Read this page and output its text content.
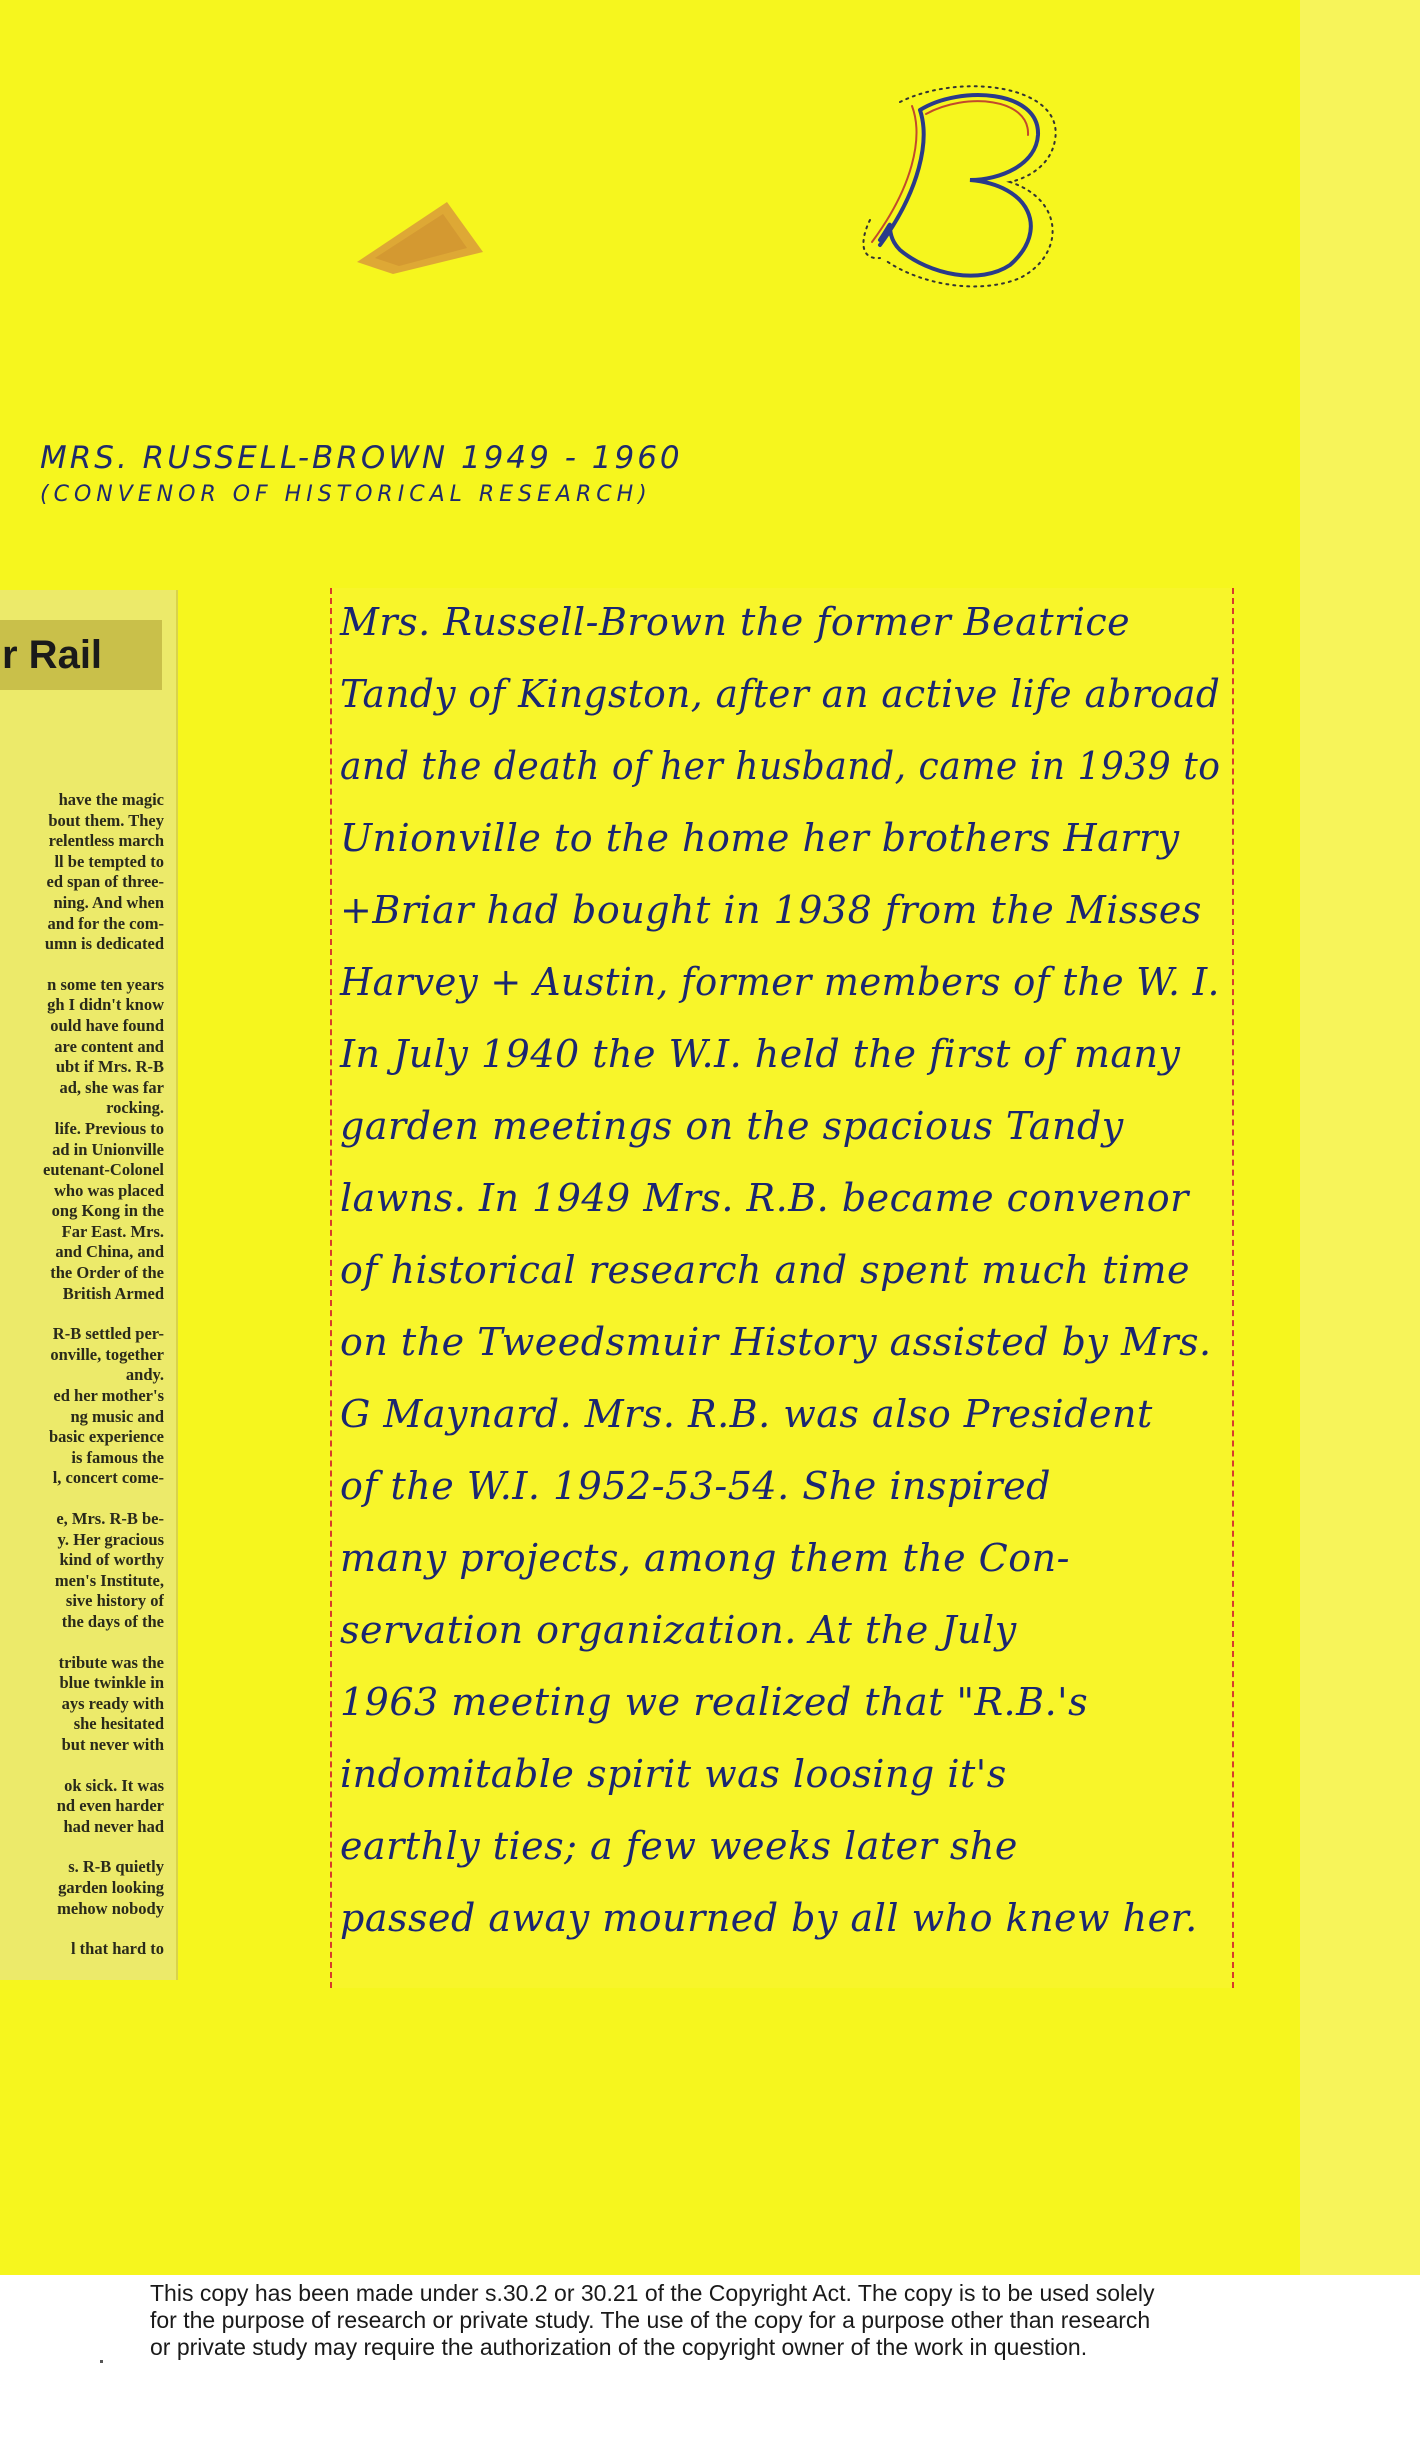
MRS. RUSSELL-BROWN 1949 - 1960
(CONVENOR OF HISTORICAL RESEARCH)
r Rail
have the magic
bout them. They
relentless march
ll be tempted to
ed span of three-
ning. And when
and for the com-
umn is dedicated
n some ten years
gh I didn't know
ould have found
are content and
ubt if Mrs. R-B
ad, she was far
rocking.
life. Previous to
ad in Unionville
eutenant-Colonel
who was placed
ong Kong in the
Far East. Mrs.
and China, and
the Order of the
British Armed
R-B settled per-
onville, together
andy.
ed her mother's
ng music and
basic experience
is famous the
l, concert come-
e, Mrs. R-B be-
y. Her gracious
kind of worthy
men's Institute,
sive history of
the days of the
tribute was the
blue twinkle in
ays ready with
she hesitated
but never with
ok sick. It was
nd even harder
had never had
s. R-B quietly
garden looking
mehow nobody
l that hard to
Mrs. Russell-Brown the former Beatrice
Tandy of Kingston, after an active life abroad
and the death of her husband, came in 1939 to
Unionville to the home her brothers Harry
+Briar had bought in 1938 from the Misses
Harvey + Austin, former members of the W. I.
In July 1940 the W.I. held the first of many
garden meetings on the spacious Tandy
lawns. In 1949 Mrs. R.B. became convenor
of historical research and spent much time
on the Tweedsmuir History assisted by Mrs.
G Maynard. Mrs. R.B. was also President
of the W.I. 1952-53-54. She inspired
many projects, among them the Con-
servation organization. At the July
1963 meeting we realized that "R.B.'s
indomitable spirit was loosing it's
earthly ties; a few weeks later she
passed away mourned by all who knew her.
This copy has been made under s.30.2 or 30.21 of the Copyright Act. The copy is to be used solely
for the purpose of research or private study. The use of the copy for a purpose other than research
or private study may require the authorization of the copyright owner of the work in question.
